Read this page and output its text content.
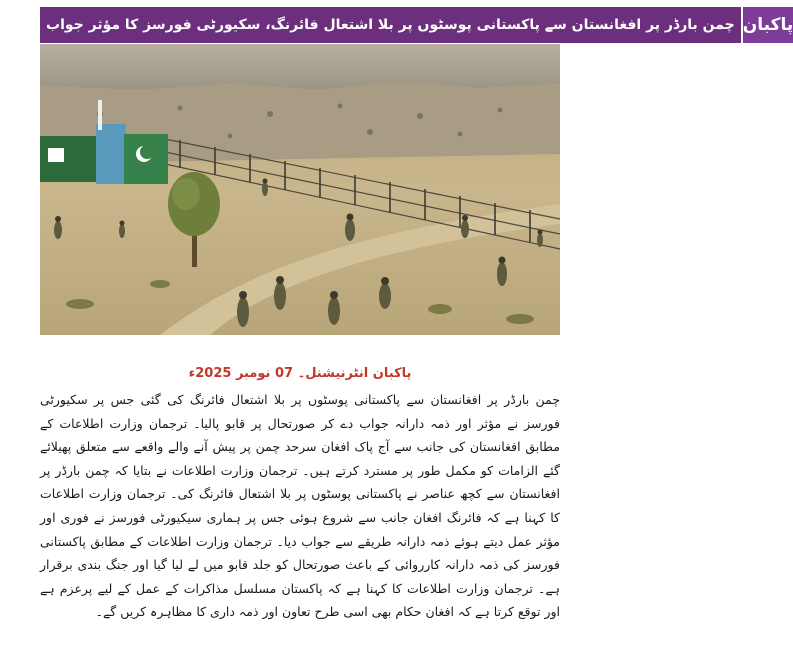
چمن بارڈر پر افغانستان سے پاکستانی پوسٹوں پر بلا اشتعال فائرنگ، سکیورٹی فورسز کا مؤثر جواب پاکبان
پاکبان انٹرنیشنل۔ 07 نومبر 2025ء
چمن بارڈر پر افغانستان سے پاکستانی پوسٹوں پر بلا اشتعال فائرنگ کی گئی جس پر سکیورٹی فورسز نے مؤثر اور ذمہ دارانہ جواب دے کر صورتحال پر قابو پالیا۔ ترجمان وزارت اطلاعات کے مطابق افغانستان کی جانب سے آج پاک افغان سرحد چمن پر پیش آنے والے واقعے سے متعلق پھیلائے گئے الزامات کو مکمل طور پر مسترد کرتے ہیں۔ ترجمان وزارت اطلاعات نے بتایا کہ چمن بارڈر پر افغانستان سے کچھ عناصر نے پاکستانی پوسٹوں پر بلا اشتعال فائرنگ کی۔ ترجمان وزارت اطلاعات کا کہنا ہے کہ فائرنگ افغان جانب سے شروع ہوئی جس پر ہماری سیکیورٹی فورسز نے فوری اور مؤثر عمل دیتے ہوئے ذمہ دارانہ طریقے سے جواب دیا۔ ترجمان وزارت اطلاعات کے مطابق پاکستانی فورسز کی ذمہ دارانہ کارروائی کے باعث صورتحال کو جلد قابو میں لے لیا گیا اور جنگ بندی برقرار ہے۔ ترجمان وزارت اطلاعات کا کہنا ہے کہ پاکستان مسلسل مذاکرات کے عمل کے لیے پرعزم ہے اور توقع کرتا ہے کہ افغان حکام بھی اسی طرح تعاون اور ذمہ داری کا مظاہرہ کریں گے۔
